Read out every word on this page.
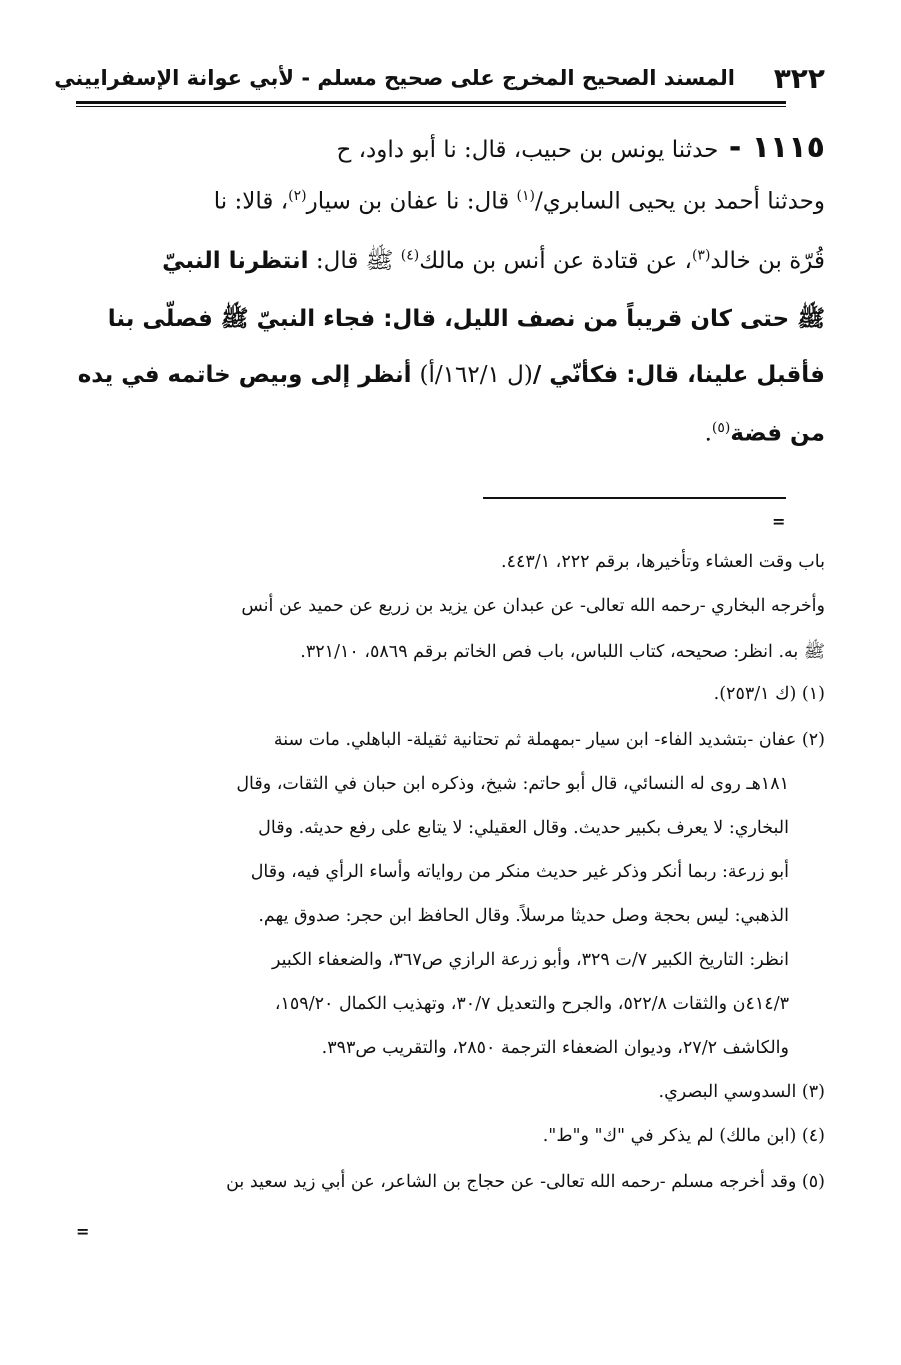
٣٢٢
المسند الصحيح المخرج على صحيح مسلم - لأبي عوانة الإسفراييني
١١١٥ - حدثنا يونس بن حبيب، قال: نا أبو داود، ح
وحدثنا أحمد بن يحيى السابري/$^{(١)}$ قال: نا عفان بن سيار$^{(٢)}$، قالا: نا
قُرّة بن خالد$^{(٣)}$، عن قتادة عن أنس بن مالك$^{(٤)}$ ﷺ قال: انتظرنا النبيّ
ﷺ حتى كان قريباً من نصف الليل، قال: فجاء النبيّ ﷺ فصلّى بنا
فأقبل علينا، قال: فكأنّي /(ل ١٦٢/١/أ) أنظر إلى وبيص خاتمه في يده
من فضة$^{(٥)}$.
=
باب وقت العشاء وتأخيرها، برقم ٢٢٢، ٤٤٣/١.
وأخرجه البخاري -رحمه الله تعالى- عن عبدان عن يزيد بن زريع عن حميد عن أنس
ﷺ به. انظر: صحيحه، كتاب اللباس، باب فص الخاتم برقم ٥٨٦٩، ٣٢١/١٠.
(١) (ك ٢٥٣/١).
(٢) عفان -بتشديد الفاء- ابن سيار -بمهملة ثم تحتانية ثقيلة- الباهلي. مات سنة
١٨١هـ روى له النسائي، قال أبو حاتم: شيخ، وذكره ابن حبان في الثقات، وقال
البخاري: لا يعرف بكبير حديث. وقال العقيلي: لا يتابع على رفع حديثه. وقال
أبو زرعة: ربما أنكر وذكر غير حديث منكر من رواياته وأساء الرأي فيه، وقال
الذهبي: ليس بحجة وصل حديثا مرسلاً. وقال الحافظ ابن حجر: صدوق يهم.
انظر: التاريخ الكبير ٧/ت ٣٢٩، وأبو زرعة الرازي ص٣٦٧، والضعفاء الكبير
٤١٤/٣ن والثقات ٥٢٢/٨، والجرح والتعديل ٣٠/٧، وتهذيب الكمال ١٥٩/٢٠،
والكاشف ٢٧/٢، وديوان الضعفاء الترجمة ٢٨٥٠، والتقريب ص٣٩٣.
(٣) السدوسي البصري.
(٤) (ابن مالك) لم يذكر في "ك" و"ط".
(٥) وقد أخرجه مسلم -رحمه الله تعالى- عن حجاج بن الشاعر، عن أبي زيد سعيد بن
=
